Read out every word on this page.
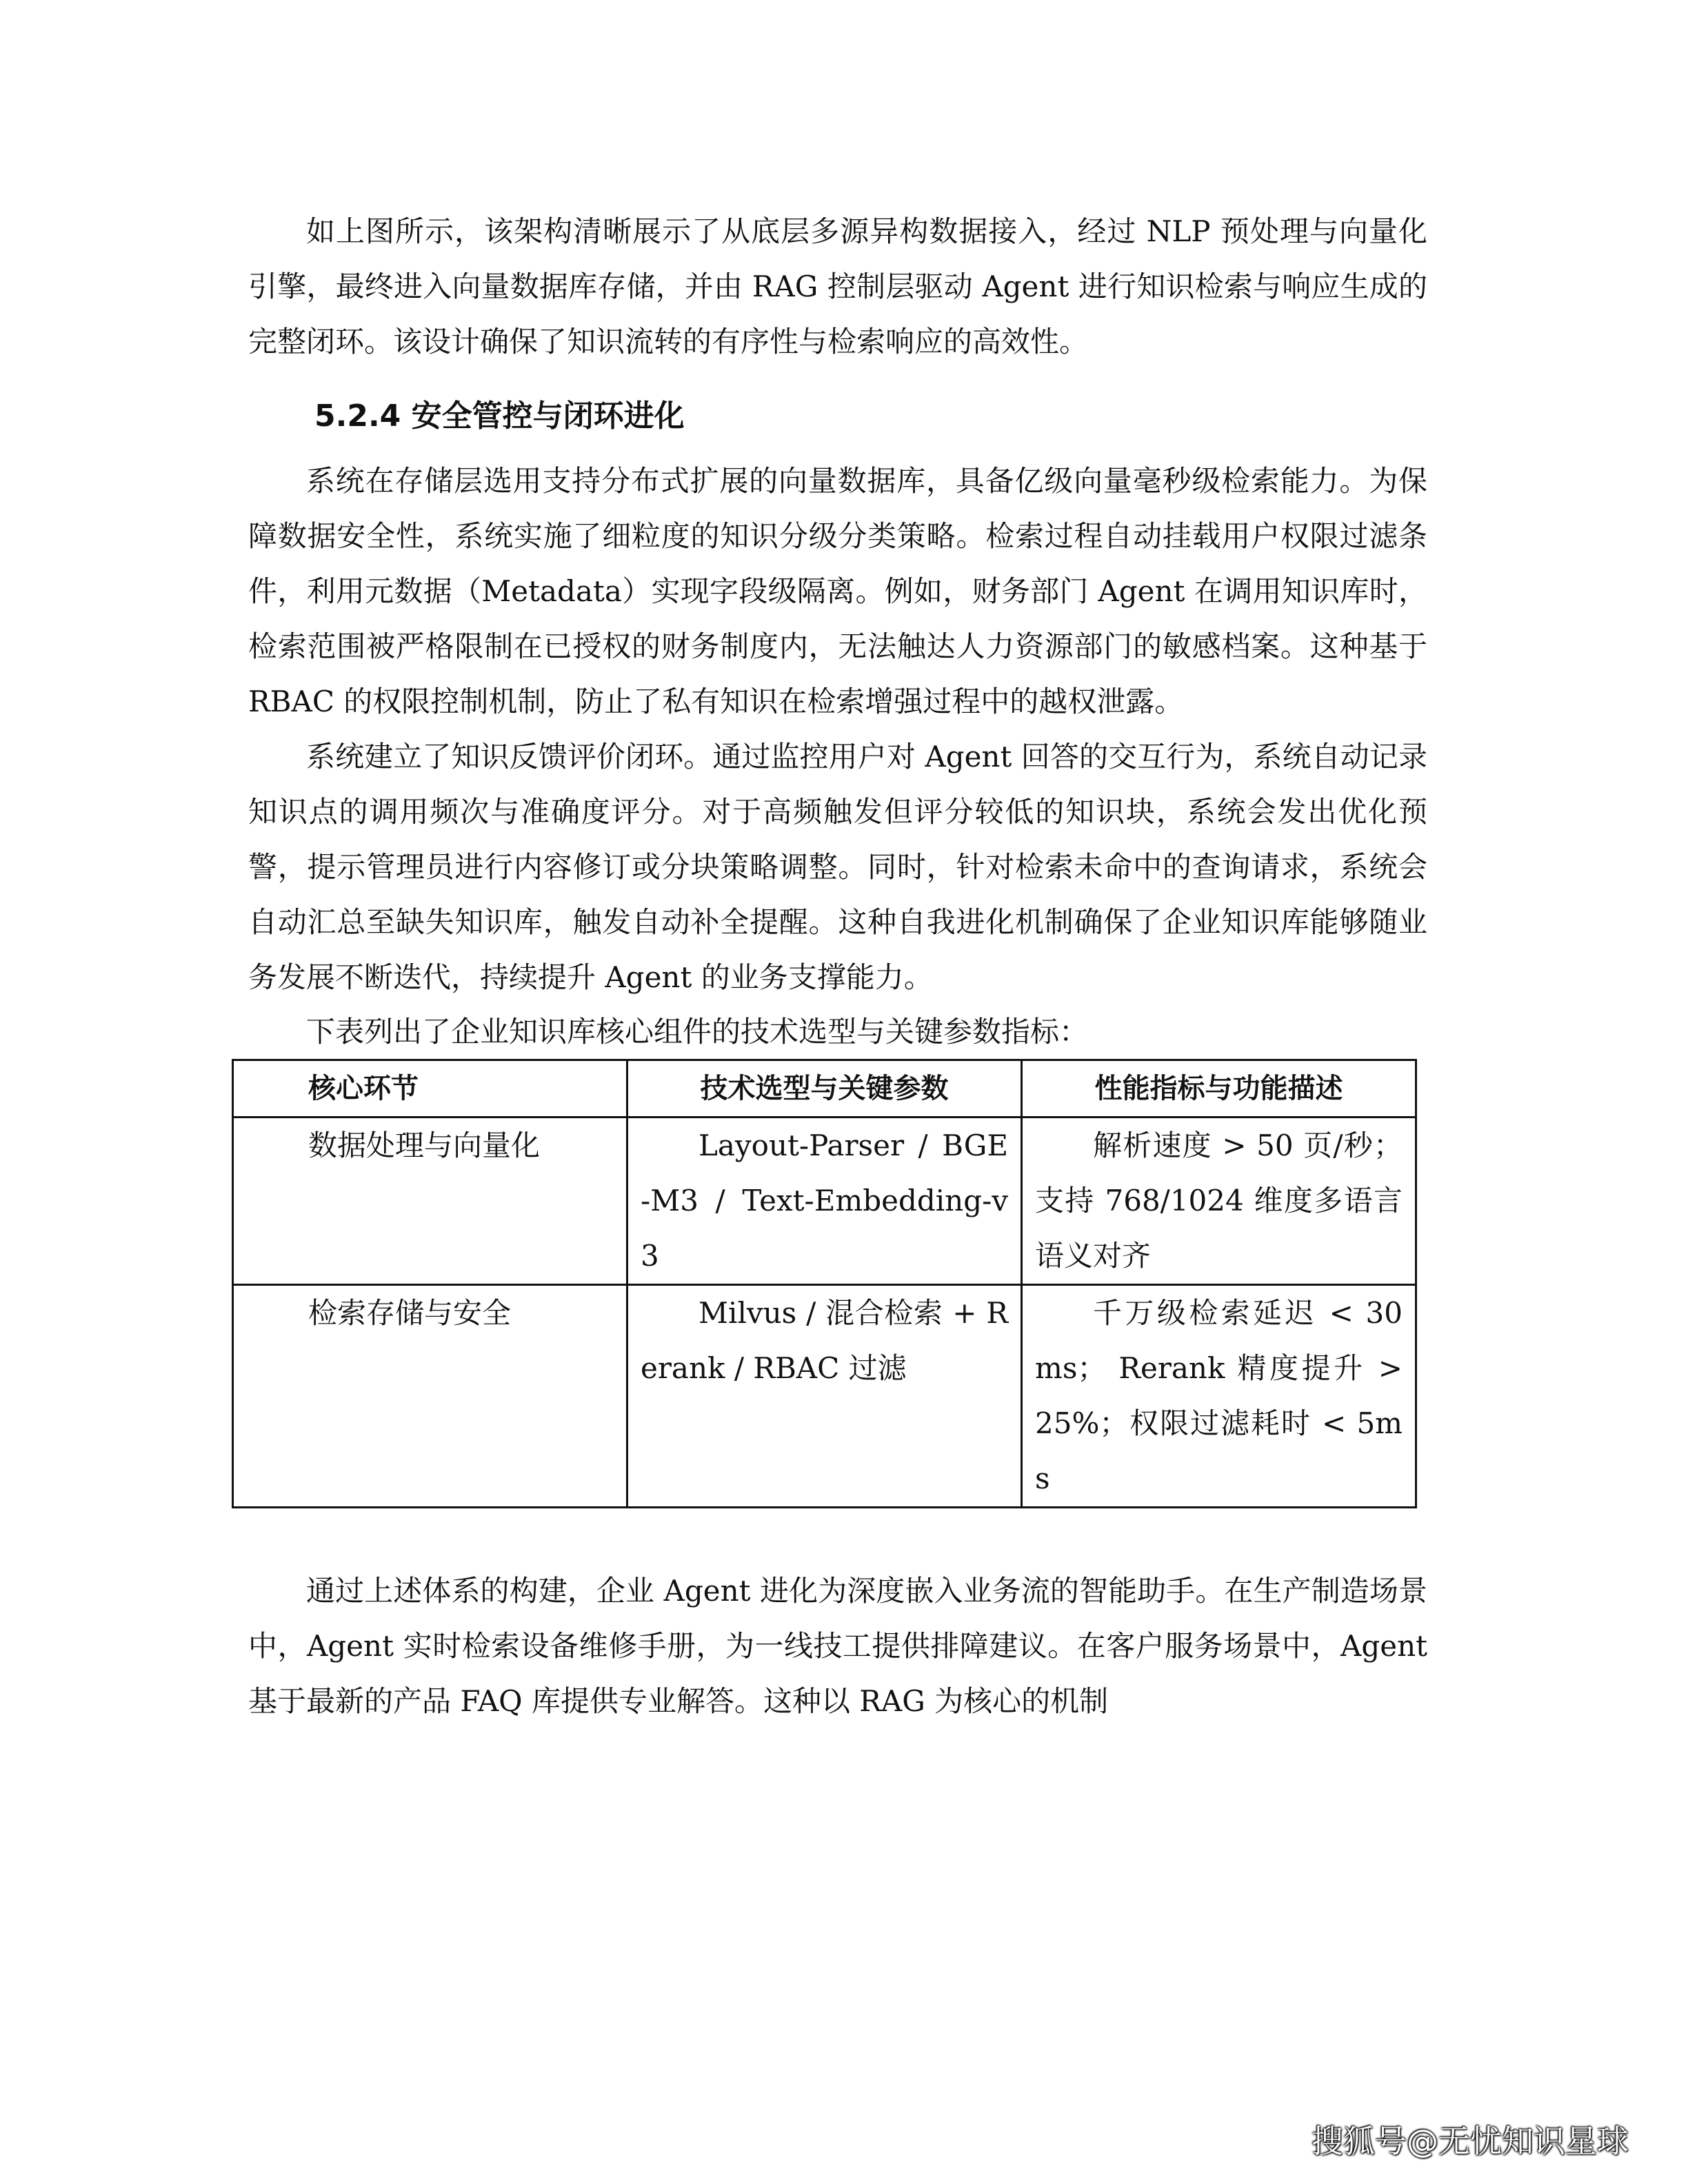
如上图所示，该架构清晰展示了从底层多源异构数据接入，经过 NLP 预处理与向量化引擎，最终进入向量数据库存储，并由 RAG 控制层驱动 Agent 进行知识检索与响应生成的完整闭环。该设计确保了知识流转的有序性与检索响应的高效性。

5.2.4 安全管控与闭环进化

系统在存储层选用支持分布式扩展的向量数据库，具备亿级向量毫秒级检索能力。为保障数据安全性，系统实施了细粒度的知识分级分类策略。检索过程自动挂载用户权限过滤条件，利用元数据（Metadata）实现字段级隔离。例如，财务部门 Agent 在调用知识库时，检索范围被严格限制在已授权的财务制度内，无法触达人力资源部门的敏感档案。这种基于 RBAC 的权限控制机制，防止了私有知识在检索增强过程中的越权泄露。

系统建立了知识反馈评价闭环。通过监控用户对 Agent 回答的交互行为，系统自动记录知识点的调用频次与准确度评分。对于高频触发但评分较低的知识块，系统会发出优化预警，提示管理员进行内容修订或分块策略调整。同时，针对检索未命中的查询请求，系统会自动汇总至缺失知识库，触发自动补全提醒。这种自我进化机制确保了企业知识库能够随业务发展不断迭代，持续提升 Agent 的业务支撑能力。

下表列出了企业知识库核心组件的技术选型与关键参数指标：

核心环节	技术选型与关键参数	性能指标与功能描述
数据处理与向量化	Layout-Parser / BGE-M3 / Text-Embedding-v3	解析速度 > 50 页/秒；支持 768/1024 维度多语言语义对齐
检索存储与安全	Milvus / 混合检索 + Rerank / RBAC 过滤	千万级检索延迟 < 30ms； Rerank 精度提升 > 25%；权限过滤耗时 < 5ms

通过上述体系的构建，企业 Agent 进化为深度嵌入业务流的智能助手。在生产制造场景中，Agent 实时检索设备维修手册，为一线技工提供排障建议。在客户服务场景中，Agent 基于最新的产品 FAQ 库提供专业解答。这种以 RAG 为核心的机制

搜狐号@无忧知识星球
